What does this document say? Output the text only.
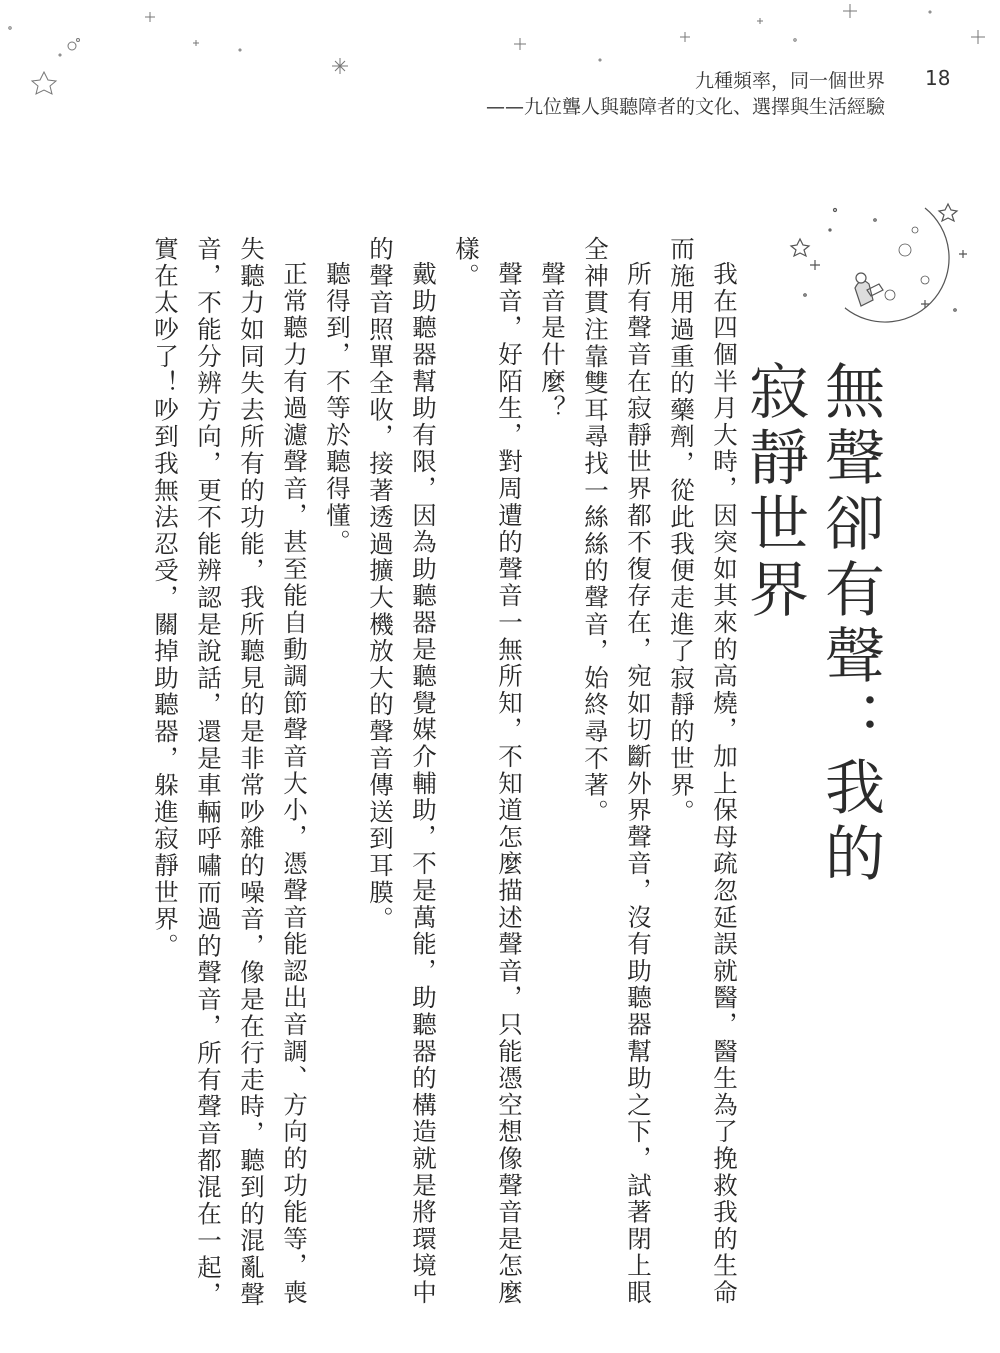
九種頻率，同一個世界 18
——九位聾人與聽障者的文化、選擇與生活經驗
無聲卻有聲：我的寂靜世界

我在四個半月大時，因突如其來的高燒，加上保母疏忽延誤就醫，醫生為了挽救我的生命而施用過重的藥劑，從此我便走進了寂靜的世界。

所有聲音在寂靜世界都不復存在，宛如切斷外界聲音，沒有助聽器幫助之下，試著閉上眼全神貫注靠雙耳尋找一絲絲的聲音，始終尋不著。

聲音是什麼？

聲音，好陌生，對周遭的聲音一無所知，不知道怎麼描述聲音，只能憑空想像聲音是怎麼樣。

戴助聽器幫助有限，因為助聽器是聽覺媒介輔助，不是萬能，助聽器的構造就是將環境中的聲音照單全收，接著透過擴大機放大的聲音傳送到耳膜。

聽得到，不等於聽得懂。

正常聽力有過濾聲音，甚至能自動調節聲音大小，憑聲音能認出音調、方向的功能等，喪失聽力如同失去所有的功能，我所聽見的是非常吵雜的噪音，像是在行走時，聽到的混亂聲音，不能分辨方向，更不能辨認是說話，還是車輛呼嘯而過的聲音，所有聲音都混在一起，實在太吵了！吵到我無法忍受，關掉助聽器，躲進寂靜世界。
